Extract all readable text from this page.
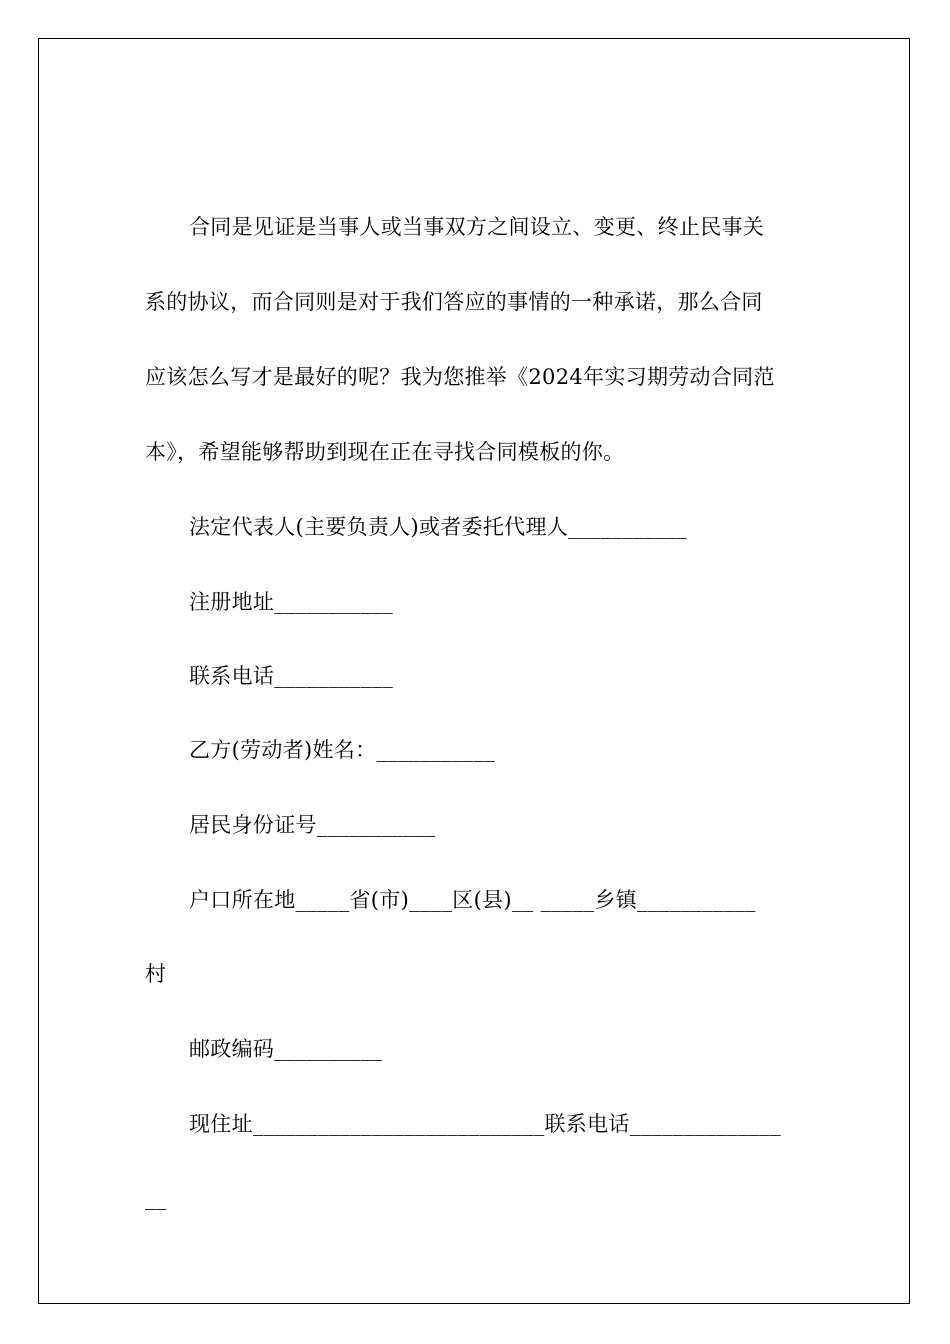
合同是见证是当事人或当事双方之间设立、变更、终止民事关
系的协议，而合同则是对于我们答应的事情的一种承诺，那么合同
应该怎么写才是最好的呢？我为您推举《2024年实习期劳动合同范
本》，希望能够帮助到现在正在寻找合同模板的你。
法定代表人(主要负责人)或者委托代理人___________
注册地址___________
联系电话___________
乙方(劳动者)姓名：___________
居民身份证号___________
户口所在地_____省(市)____区(县)__ _____乡镇___________
村
邮政编码__________
现住址___________________________联系电话______________
__
